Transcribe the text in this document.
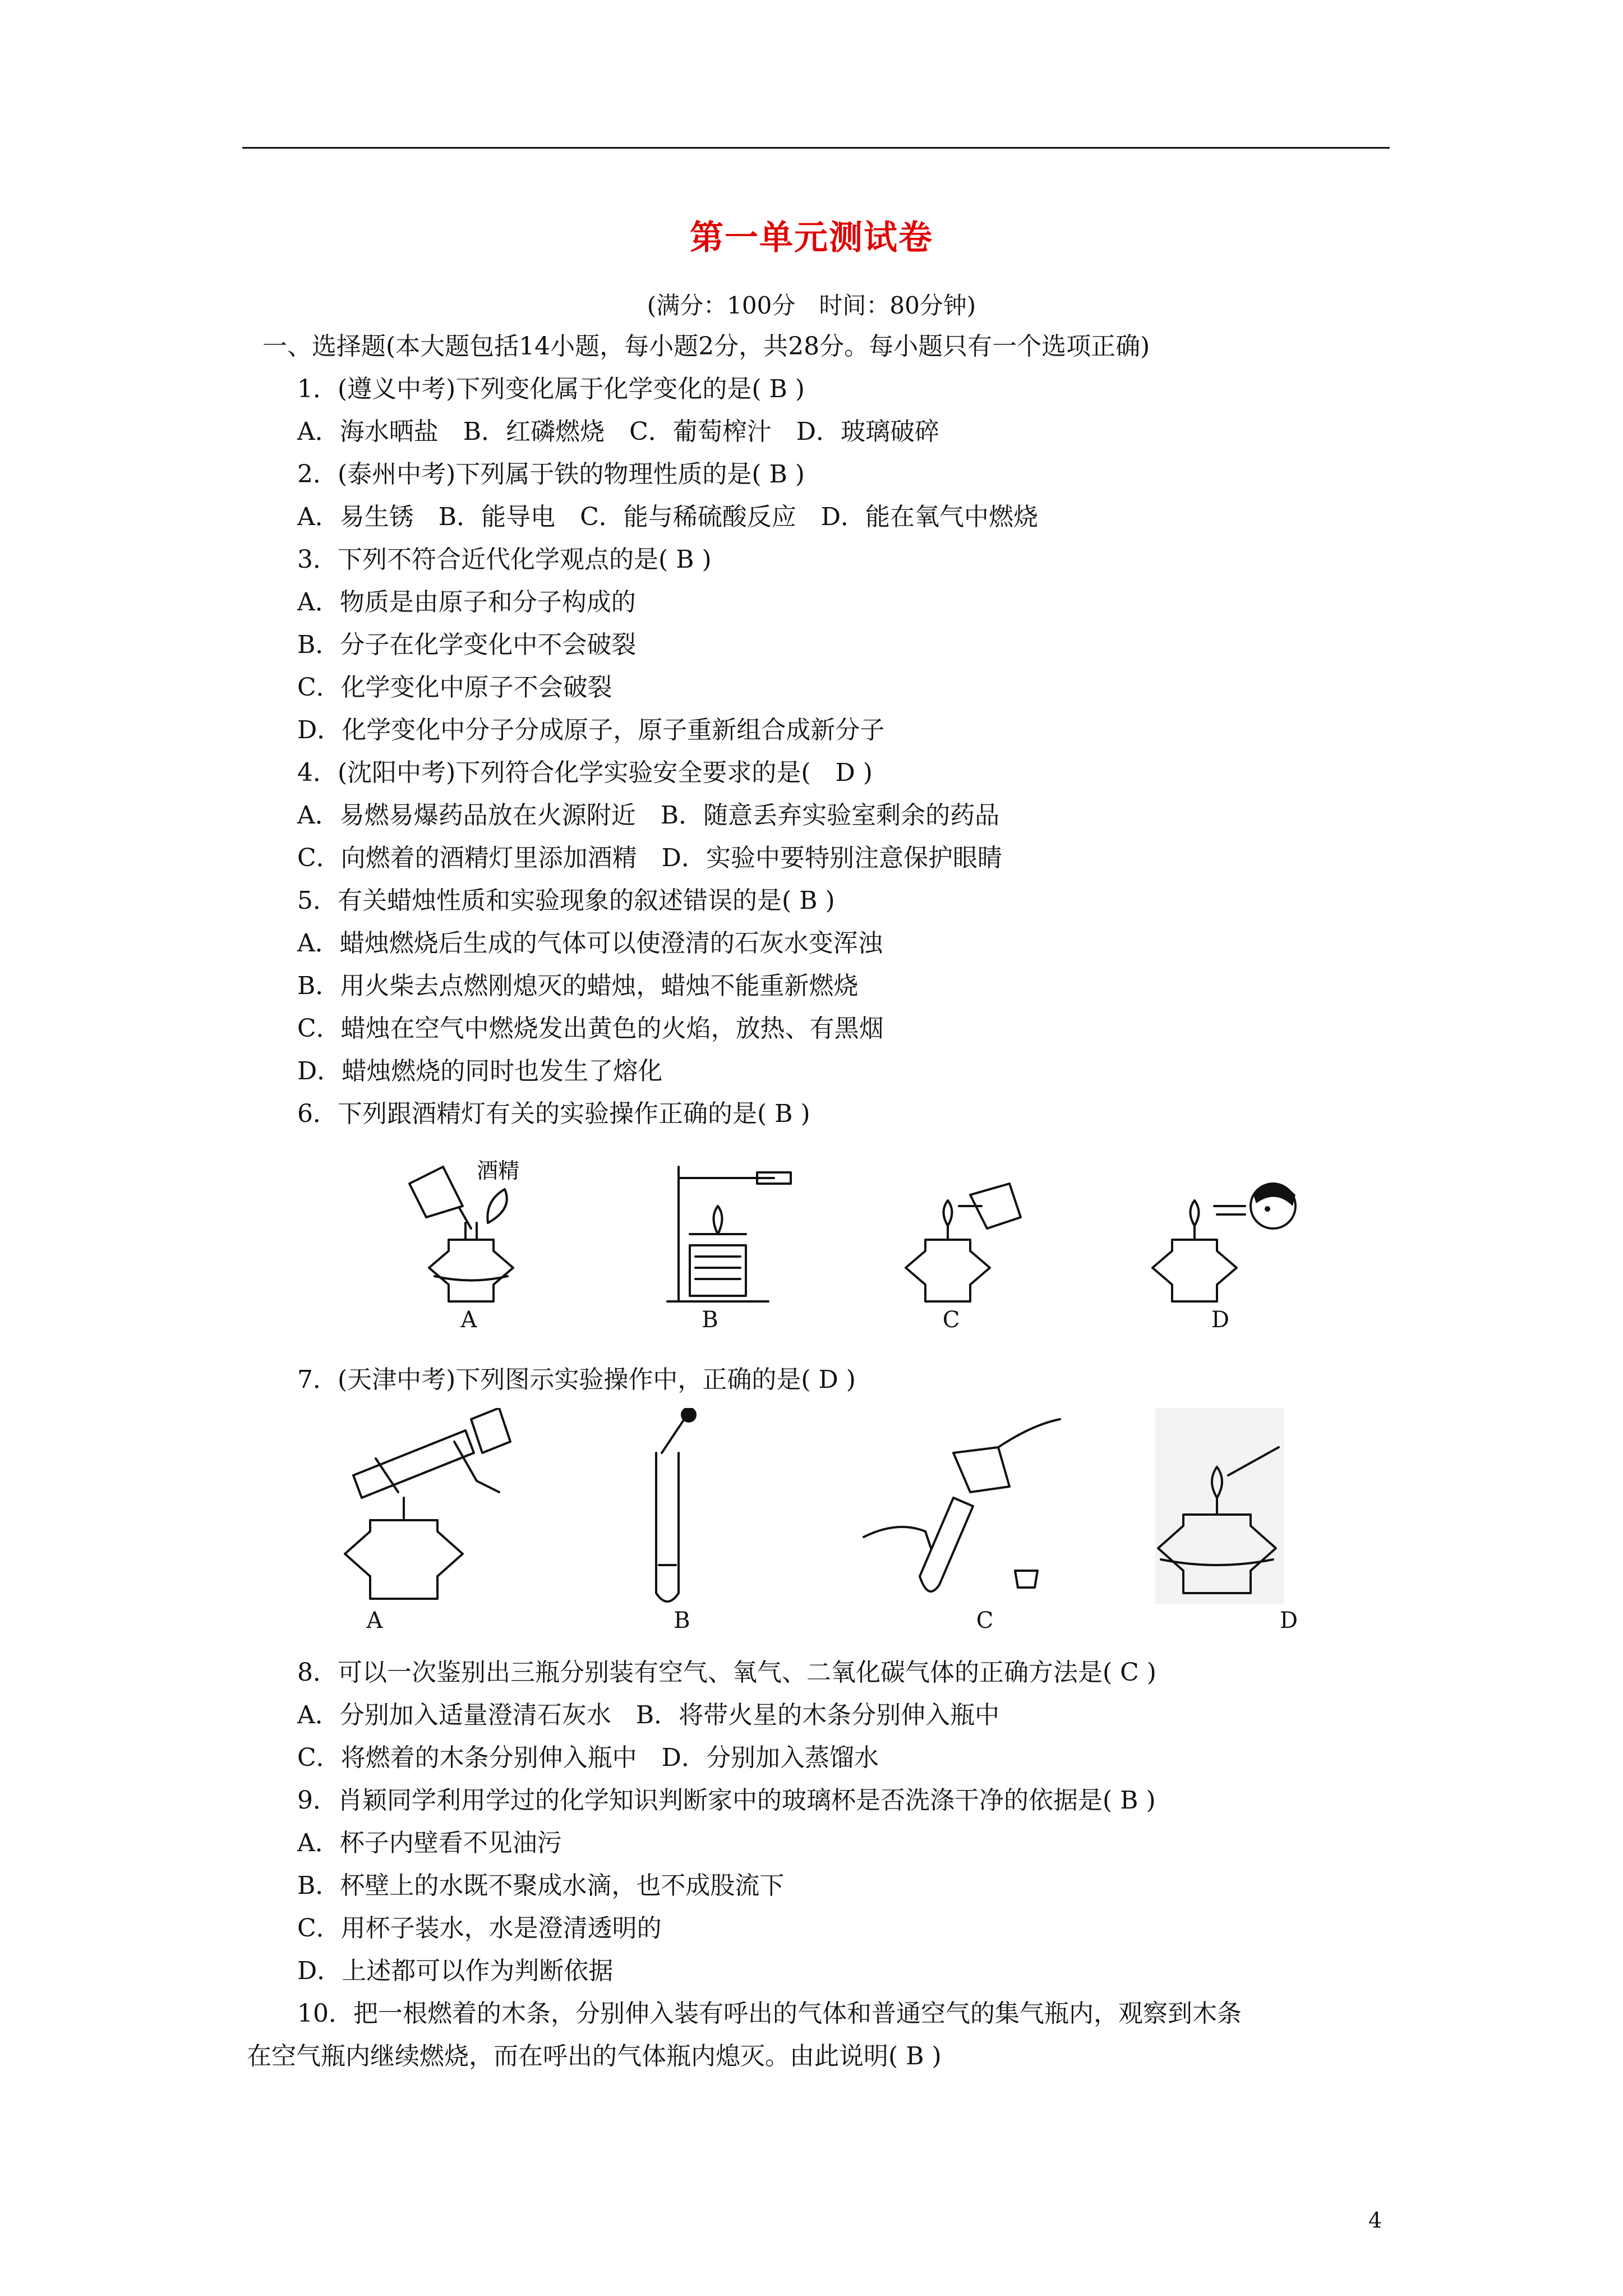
第一单元测试卷
(满分：100分　时间：80分钟)
一、选择题(本大题包括14小题，每小题2分，共28分。每小题只有一个选项正确)
1．(遵义中考)下列变化属于化学变化的是( B )
A．海水晒盐　B．红磷燃烧　C．葡萄榨汁　D．玻璃破碎
2．(泰州中考)下列属于铁的物理性质的是( B )
A．易生锈　B．能导电　C．能与稀硫酸反应　D．能在氧气中燃烧
3．下列不符合近代化学观点的是( B )
A．物质是由原子和分子构成的
B．分子在化学变化中不会破裂
C．化学变化中原子不会破裂
D．化学变化中分子分成原子，原子重新组合成新分子
4．(沈阳中考)下列符合化学实验安全要求的是(　D )
A．易燃易爆药品放在火源附近　B．随意丢弃实验室剩余的药品
C．向燃着的酒精灯里添加酒精　D．实验中要特别注意保护眼睛
5．有关蜡烛性质和实验现象的叙述错误的是( B )
A．蜡烛燃烧后生成的气体可以使澄清的石灰水变浑浊
B．用火柴去点燃刚熄灭的蜡烛，蜡烛不能重新燃烧
C．蜡烛在空气中燃烧发出黄色的火焰，放热、有黑烟
D．蜡烛燃烧的同时也发生了熔化
6．下列跟酒精灯有关的实验操作正确的是( B )
酒精
A	B	C	D
7．(天津中考)下列图示实验操作中，正确的是( D )
A	B	C	D
8．可以一次鉴别出三瓶分别装有空气、氧气、二氧化碳气体的正确方法是( C )
A．分别加入适量澄清石灰水　B．将带火星的木条分别伸入瓶中
C．将燃着的木条分别伸入瓶中　D．分别加入蒸馏水
9．肖颖同学利用学过的化学知识判断家中的玻璃杯是否洗涤干净的依据是( B )
A．杯子内壁看不见油污
B．杯壁上的水既不聚成水滴，也不成股流下
C．用杯子装水，水是澄清透明的
D．上述都可以作为判断依据
10．把一根燃着的木条，分别伸入装有呼出的气体和普通空气的集气瓶内，观察到木条
在空气瓶内继续燃烧，而在呼出的气体瓶内熄灭。由此说明( B )
4
